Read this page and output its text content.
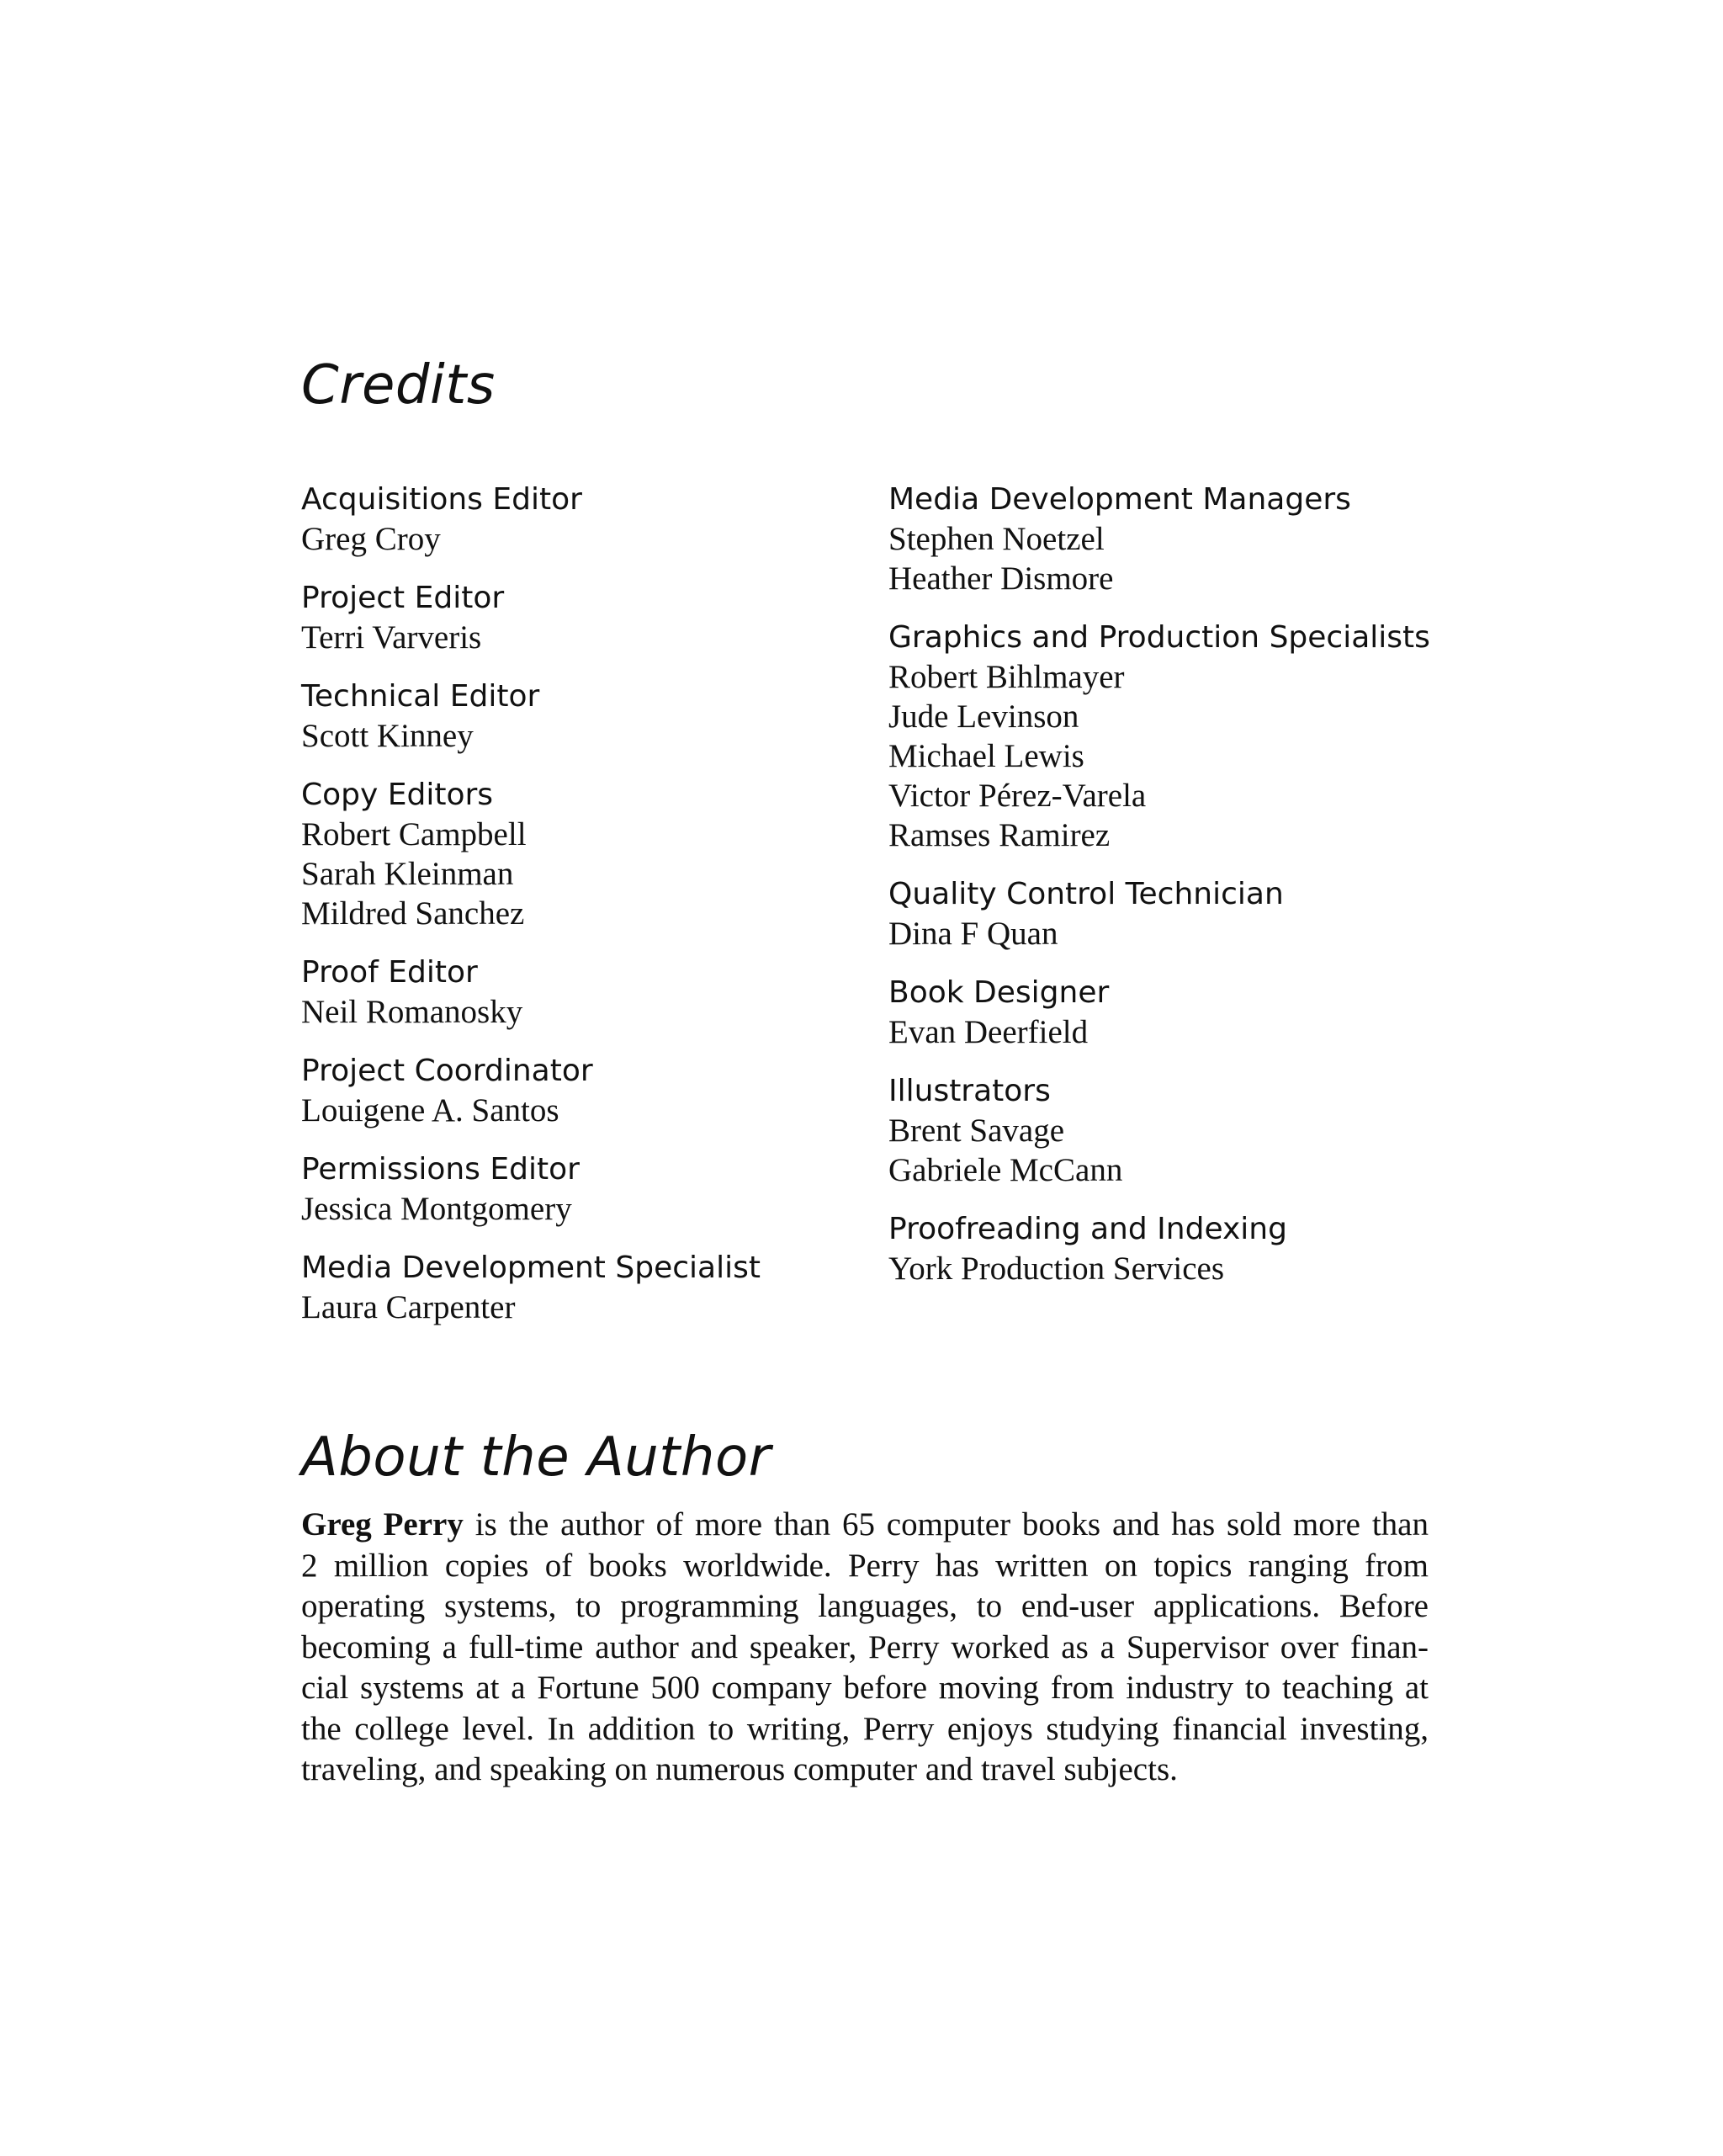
Credits
Acquisitions Editor
Greg Croy
Project Editor
Terri Varveris
Technical Editor
Scott Kinney
Copy Editors
Robert Campbell
Sarah Kleinman
Mildred Sanchez
Proof Editor
Neil Romanosky
Project Coordinator
Louigene A. Santos
Permissions Editor
Jessica Montgomery
Media Development Specialist
Laura Carpenter
Media Development Managers
Stephen Noetzel
Heather Dismore
Graphics and Production Specialists
Robert Bihlmayer
Jude Levinson
Michael Lewis
Victor Pérez-Varela
Ramses Ramirez
Quality Control Technician
Dina F Quan
Book Designer
Evan Deerfield
Illustrators
Brent Savage
Gabriele McCann
Proofreading and Indexing
York Production Services
About the Author

Greg Perry is the author of more than 65 computer books and has sold more than
2 million copies of books worldwide. Perry has written on topics ranging from
operating systems, to programming languages, to end-user applications. Before
becoming a full-time author and speaker, Perry worked as a Supervisor over finan-
cial systems at a Fortune 500 company before moving from industry to teaching at
the college level. In addition to writing, Perry enjoys studying financial investing,
traveling, and speaking on numerous computer and travel subjects.
